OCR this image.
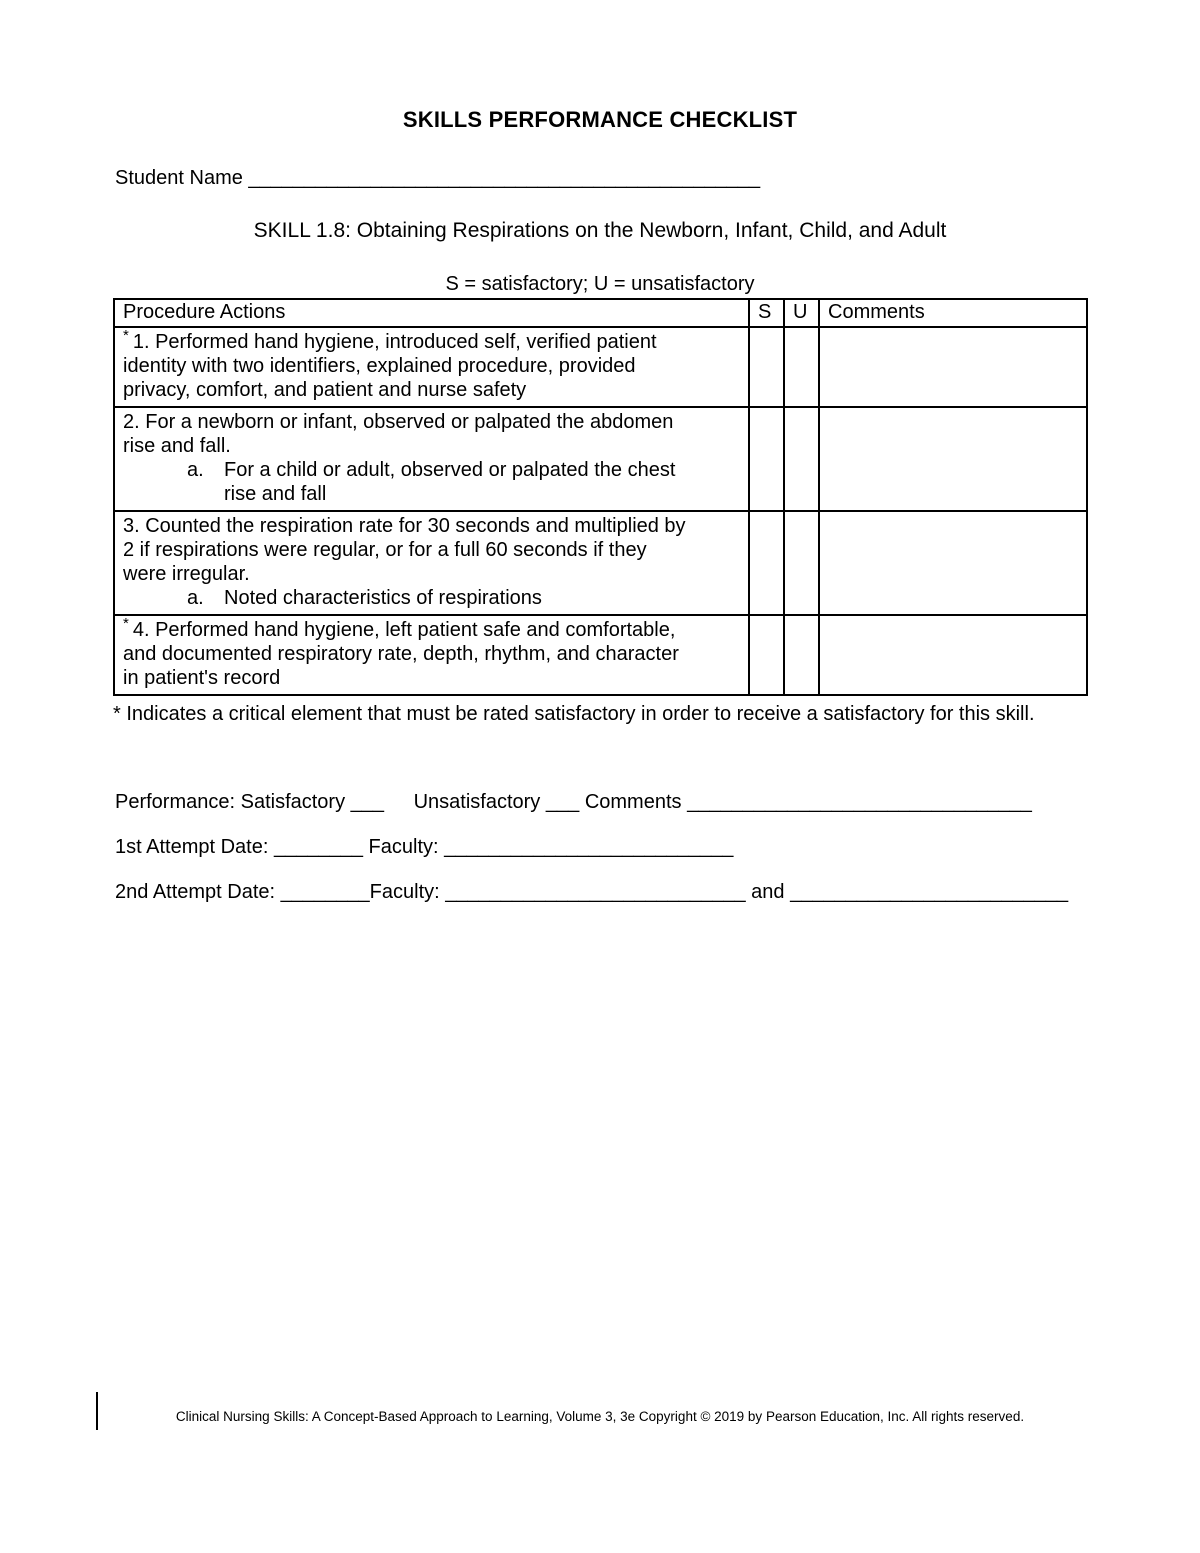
SKILLS PERFORMANCE CHECKLIST
Student Name ______________________________________________
SKILL 1.8: Obtaining Respirations on the Newborn, Infant, Child, and Adult
S = satisfactory; U = unsatisfactory
Procedure Actions	S	U	Comments

* 1. Performed hand hygiene, introduced self, verified patient
identity with two identifiers, explained procedure, provided
privacy, comfort, and patient and nurse safety			

2. For a newborn or infant, observed or palpated the abdomen
rise and fall.
a. For a child or adult, observed or palpated the chest
rise and fall			

3. Counted the respiration rate for 30 seconds and multiplied by
2 if respirations were regular, or for a full 60 seconds if they
were irregular.
a. Noted characteristics of respirations			

* 4. Performed hand hygiene, left patient safe and comfortable,
and documented respiratory rate, depth, rhythm, and character
in patient's record			

* Indicates a critical element that must be rated satisfactory in order to receive a satisfactory for this skill.
Performance: Satisfactory ___ Unsatisfactory ___ Comments _______________________________
1st Attempt Date: ________ Faculty: __________________________
2nd Attempt Date: ________Faculty: ___________________________ and _________________________
Clinical Nursing Skills: A Concept-Based Approach to Learning, Volume 3, 3e Copyright © 2019 by Pearson Education, Inc. All rights reserved.
